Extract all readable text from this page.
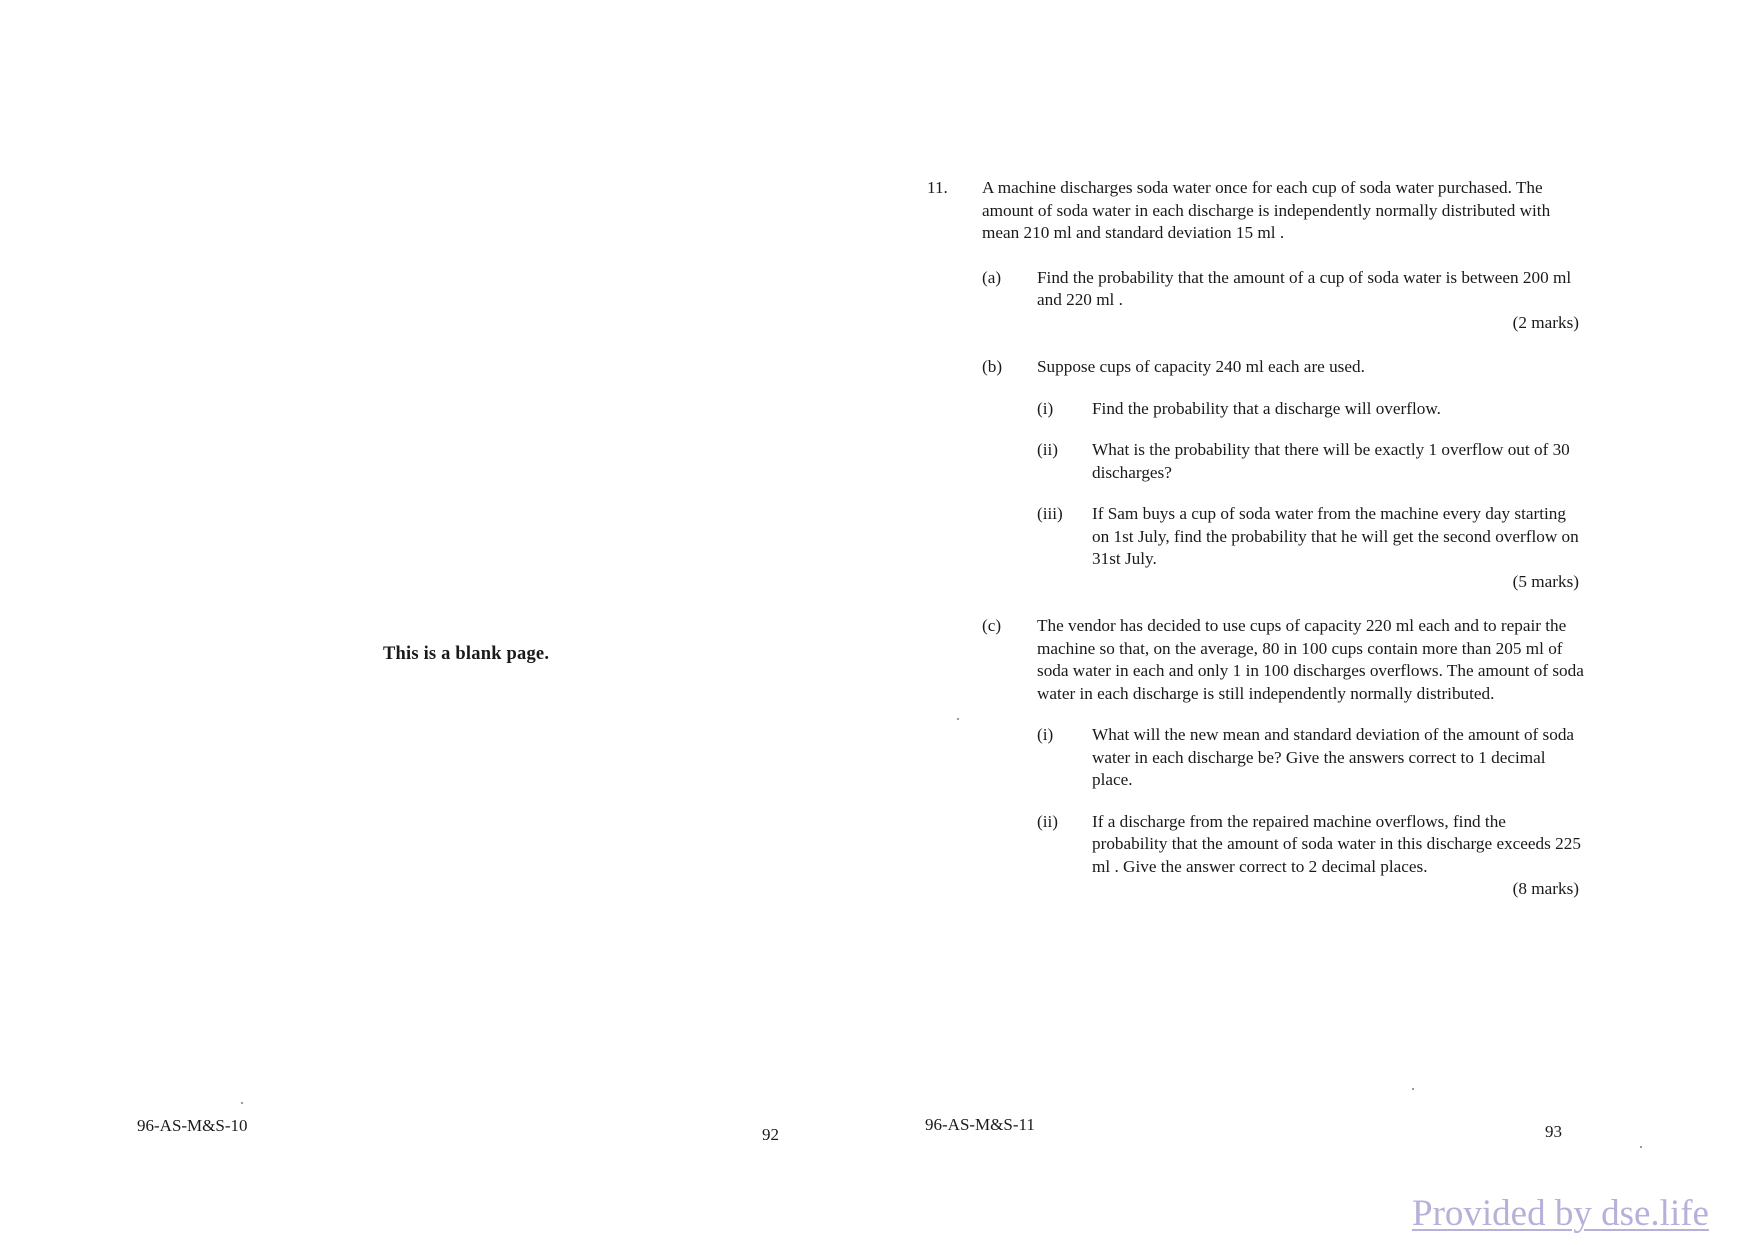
This is a blank page.
96-AS-M&S-10	92
11. A machine discharges soda water once for each cup of soda water purchased. The amount of soda water in each discharge is independently normally distributed with mean 210 ml and standard deviation 15 ml .
(a) Find the probability that the amount of a cup of soda water is between 200 ml and 220 ml .
(2 marks)
(b) Suppose cups of capacity 240 ml each are used.
(i) Find the probability that a discharge will overflow.
(ii) What is the probability that there will be exactly 1 overflow out of 30 discharges?
(iii) If Sam buys a cup of soda water from the machine every day starting on 1st July, find the probability that he will get the second overflow on 31st July.
(5 marks)
(c) The vendor has decided to use cups of capacity 220 ml each and to repair the machine so that, on the average, 80 in 100 cups contain more than 205 ml of soda water in each and only 1 in 100 discharges overflows. The amount of soda water in each discharge is still independently normally distributed.
(i) What will the new mean and standard deviation of the amount of soda water in each discharge be? Give the answers correct to 1 decimal place.
(ii) If a discharge from the repaired machine overflows, find the probability that the amount of soda water in this discharge exceeds 225 ml . Give the answer correct to 2 decimal places.
(8 marks)
96-AS-M&S-11	93
Provided by dse.life
